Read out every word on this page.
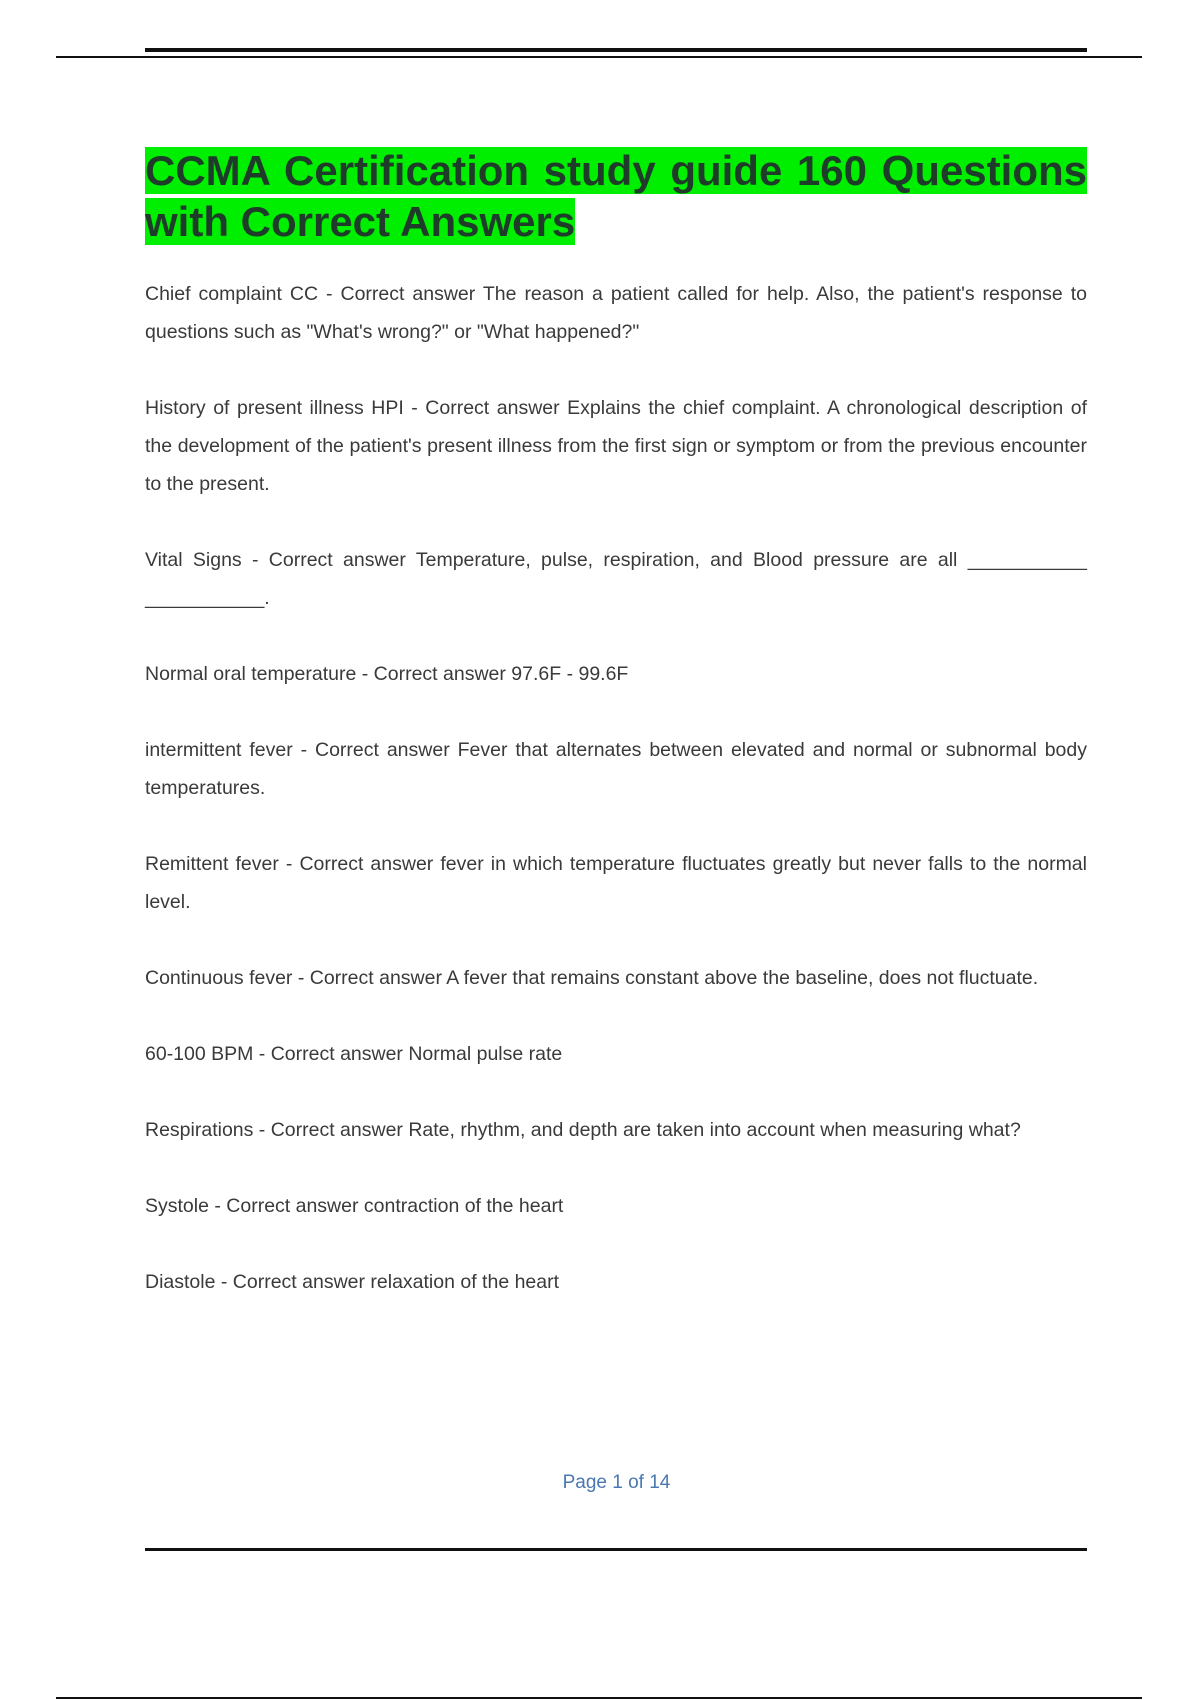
CCMA Certification study guide 160 Questions with Correct Answers

Chief complaint CC - Correct answer The reason a patient called for help. Also, the patient's response to questions such as "What's wrong?" or "What happened?"

History of present illness HPI - Correct answer Explains the chief complaint. A chronological description of the development of the patient's present illness from the first sign or symptom or from the previous encounter to the present.

Vital Signs - Correct answer Temperature, pulse, respiration, and Blood pressure are all ___________ ___________.

Normal oral temperature - Correct answer 97.6F - 99.6F

intermittent fever - Correct answer Fever that alternates between elevated and normal or subnormal body temperatures.

Remittent fever - Correct answer fever in which temperature fluctuates greatly but never falls to the normal level.

Continuous fever - Correct answer A fever that remains constant above the baseline, does not fluctuate.

60-100 BPM - Correct answer Normal pulse rate

Respirations - Correct answer Rate, rhythm, and depth are taken into account when measuring what?

Systole - Correct answer contraction of the heart

Diastole - Correct answer relaxation of the heart

Page 1 of 14
